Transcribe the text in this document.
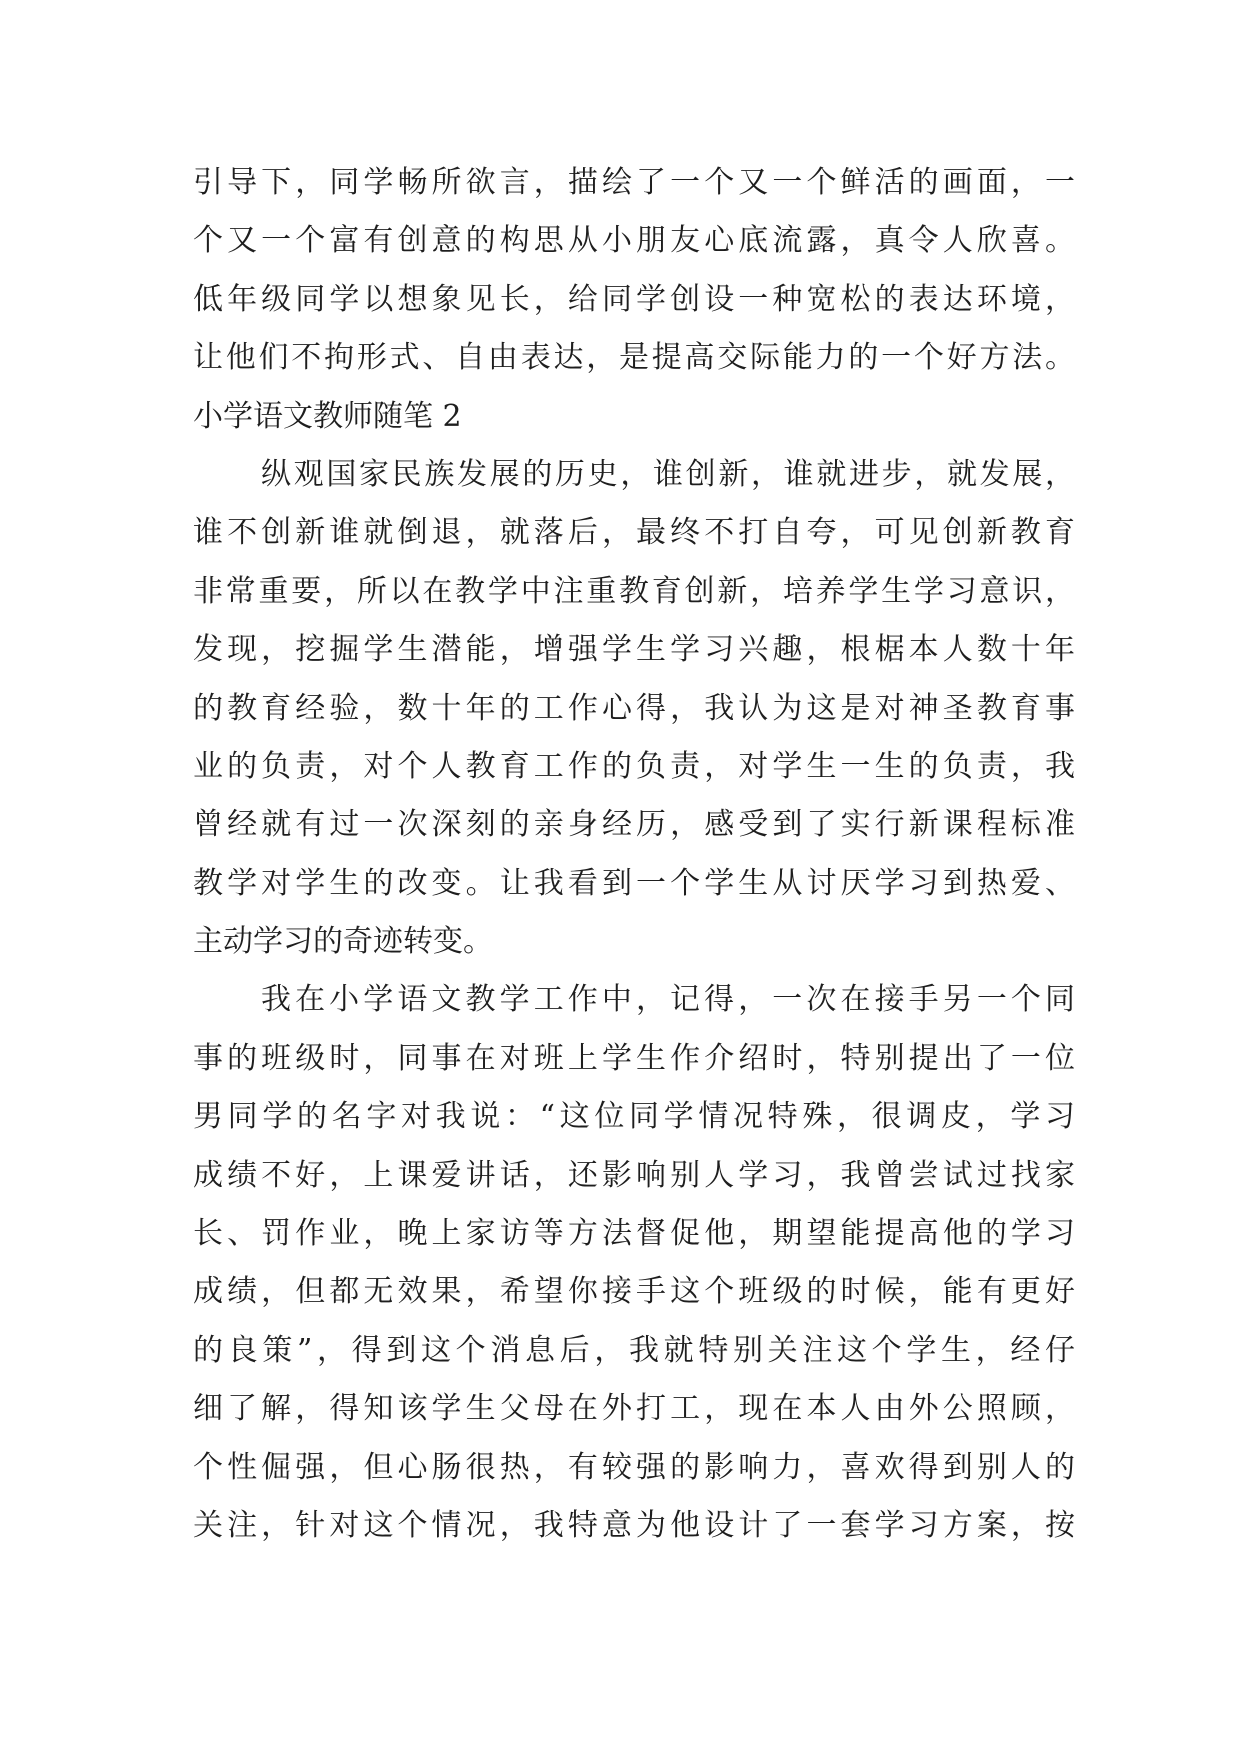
引导下，同学畅所欲言，描绘了一个又一个鲜活的画面，一
个又一个富有创意的构思从小朋友心底流露，真令人欣喜。
低年级同学以想象见长，给同学创设一种宽松的表达环境，
让他们不拘形式、自由表达，是提高交际能力的一个好方法。
小学语文教师随笔 2
纵观国家民族发展的历史，谁创新，谁就进步，就发展，
谁不创新谁就倒退，就落后，最终不打自夸，可见创新教育
非常重要，所以在教学中注重教育创新，培养学生学习意识，
发现，挖掘学生潜能，增强学生学习兴趣，根椐本人数十年
的教育经验，数十年的工作心得，我认为这是对神圣教育事
业的负责，对个人教育工作的负责，对学生一生的负责，我
曾经就有过一次深刻的亲身经历，感受到了实行新课程标准
教学对学生的改变。让我看到一个学生从讨厌学习到热爱、
主动学习的奇迹转变。
我在小学语文教学工作中，记得，一次在接手另一个同
事的班级时，同事在对班上学生作介绍时，特别提出了一位
男同学的名字对我说：“这位同学情况特殊，很调皮，学习
成绩不好，上课爱讲话，还影响别人学习，我曾尝试过找家
长、罚作业，晚上家访等方法督促他，期望能提高他的学习
成绩，但都无效果，希望你接手这个班级的时候，能有更好
的良策”，得到这个消息后，我就特别关注这个学生，经仔
细了解，得知该学生父母在外打工，现在本人由外公照顾，
个性倔强，但心肠很热，有较强的影响力，喜欢得到别人的
关注，针对这个情况，我特意为他设计了一套学习方案，按
